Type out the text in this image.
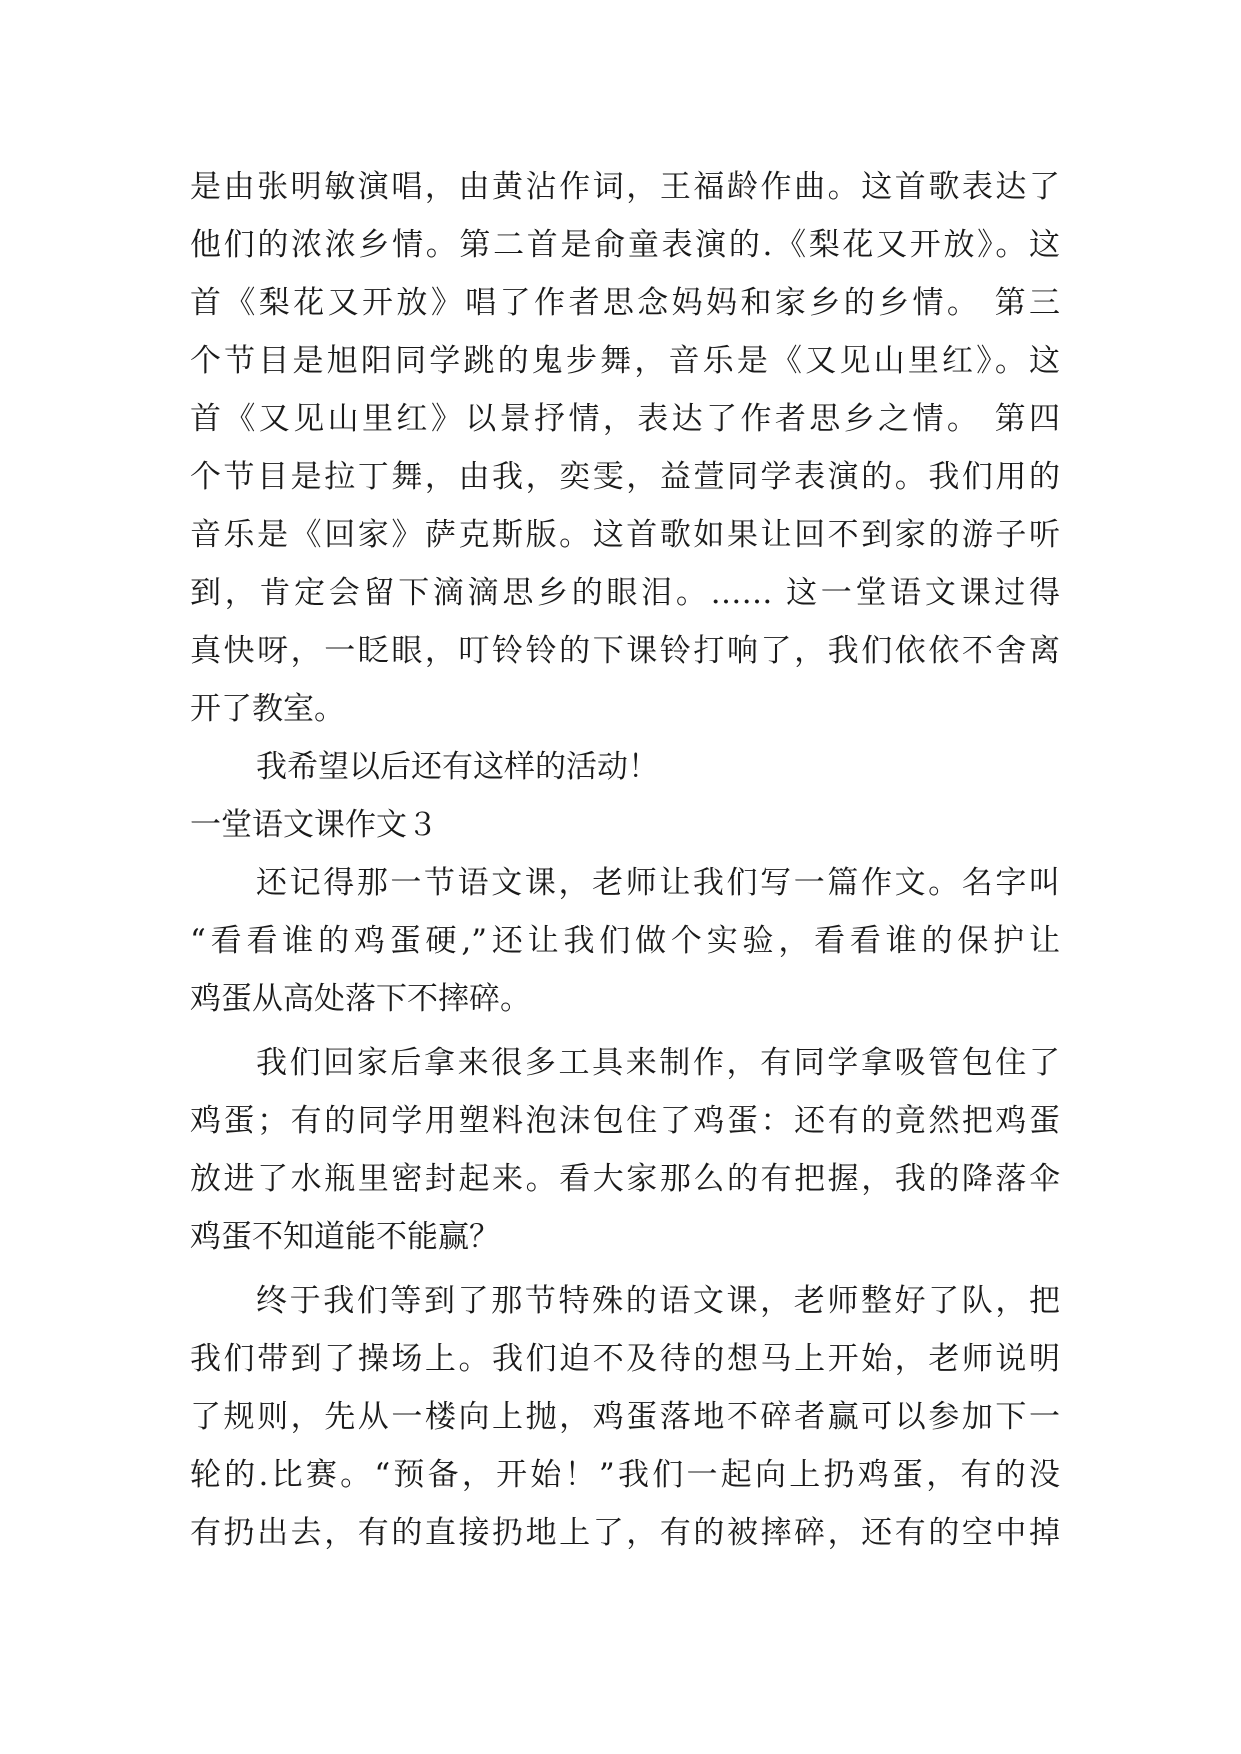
是由张明敏演唱，由黄沾作词，王福龄作曲。这首歌表达了
他们的浓浓乡情。第二首是俞童表演的.《梨花又开放》。这
首《梨花又开放》唱了作者思念妈妈和家乡的乡情。 第三
个节目是旭阳同学跳的鬼步舞，音乐是《又见山里红》。这
首《又见山里红》以景抒情，表达了作者思乡之情。 第四
个节目是拉丁舞，由我，奕雯，益萱同学表演的。我们用的
音乐是《回家》萨克斯版。这首歌如果让回不到家的游子听
到，肯定会留下滴滴思乡的眼泪。…… 这一堂语文课过得
真快呀，一眨眼，叮铃铃的下课铃打响了，我们依依不舍离
开了教室。
我希望以后还有这样的活动！
一堂语文课作文３
还记得那一节语文课，老师让我们写一篇作文。名字叫
“看看谁的鸡蛋硬,”还让我们做个实验，看看谁的保护让
鸡蛋从高处落下不摔碎。
我们回家后拿来很多工具来制作，有同学拿吸管包住了
鸡蛋；有的同学用塑料泡沫包住了鸡蛋：还有的竟然把鸡蛋
放进了水瓶里密封起来。看大家那么的有把握，我的降落伞
鸡蛋不知道能不能赢？
终于我们等到了那节特殊的语文课，老师整好了队，把
我们带到了操场上。我们迫不及待的想马上开始，老师说明
了规则，先从一楼向上抛，鸡蛋落地不碎者赢可以参加下一
轮的.比赛。“预备，开始！”我们一起向上扔鸡蛋，有的没
有扔出去，有的直接扔地上了，有的被摔碎，还有的空中掉
